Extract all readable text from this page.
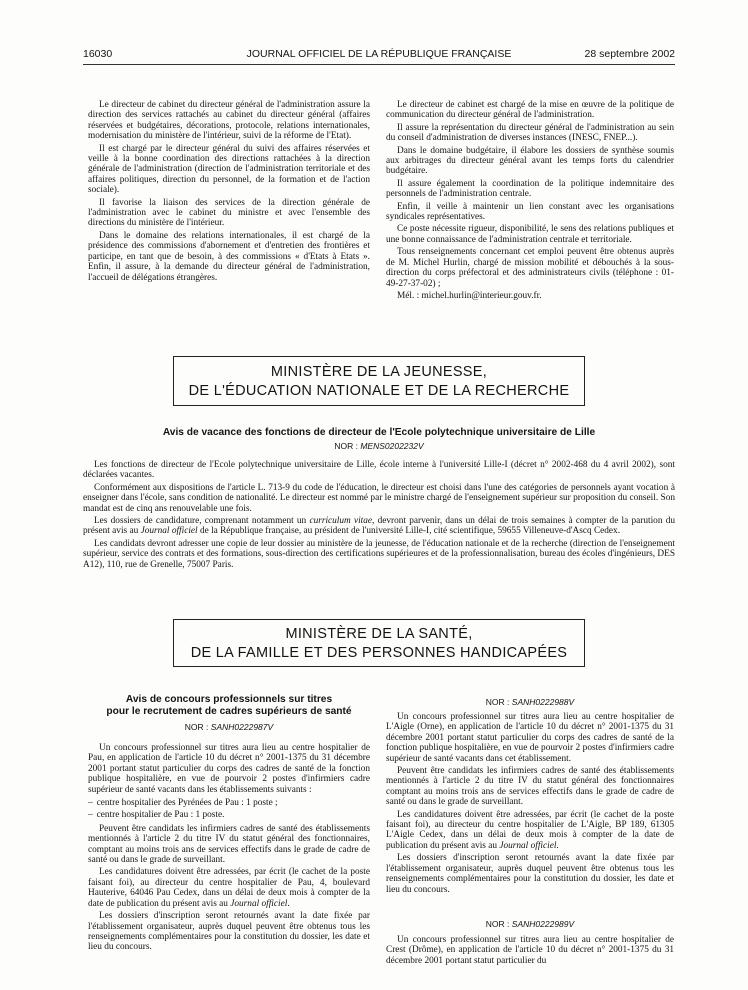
16030	JOURNAL OFFICIEL DE LA RÉPUBLIQUE FRANÇAISE	28 septembre 2002

Le directeur de cabinet du directeur général de l'administration assure la direction des services rattachés au cabinet du directeur général (affaires réservées et budgétaires, décorations, protocole, relations internationales, modernisation du ministère de l'intérieur, suivi de la réforme de l'Etat).

Il est chargé par le directeur général du suivi des affaires réservées et veille à la bonne coordination des directions rattachées à la direction générale de l'administration (direction de l'administration territoriale et des affaires politiques, direction du personnel, de la formation et de l'action sociale).

Il favorise la liaison des services de la direction générale de l'administration avec le cabinet du ministre et avec l'ensemble des directions du ministère de l'intérieur.

Dans le domaine des relations internationales, il est chargé de la présidence des commissions d'abornement et d'entretien des frontières et participe, en tant que de besoin, à des commissions « d'Etats à Etats ». Enfin, il assure, à la demande du directeur général de l'administration, l'accueil de délégations étrangères.

Le directeur de cabinet est chargé de la mise en œuvre de la politique de communication du directeur général de l'administration.

Il assure la représentation du directeur général de l'administration au sein du conseil d'administration de diverses instances (INESC, FNEP...).

Dans le domaine budgétaire, il élabore les dossiers de synthèse soumis aux arbitrages du directeur général avant les temps forts du calendrier budgétaire.

Il assure également la coordination de la politique indemnitaire des personnels de l'administration centrale.

Enfin, il veille à maintenir un lien constant avec les organisations syndicales représentatives.

Ce poste nécessite rigueur, disponibilité, le sens des relations publiques et une bonne connaissance de l'administration centrale et territoriale.

Tous renseignements concernant cet emploi peuvent être obtenus auprès de M. Michel Hurlin, chargé de mission mobilité et débouchés à la sous-direction du corps préfectoral et des administrateurs civils (téléphone : 01-49-27-37-02) ;

Mél. : michel.hurlin@interieur.gouv.fr.

MINISTÈRE DE LA JEUNESSE,
DE L'ÉDUCATION NATIONALE ET DE LA RECHERCHE
Avis de vacance des fonctions de directeur de l'Ecole polytechnique universitaire de Lille
NOR : MENS0202232V

Les fonctions de directeur de l'Ecole polytechnique universitaire de Lille, école interne à l'université Lille-I (décret n° 2002-468 du 4 avril 2002), sont déclarées vacantes.

Conformément aux dispositions de l'article L. 713-9 du code de l'éducation, le directeur est choisi dans l'une des catégories de personnels ayant vocation à enseigner dans l'école, sans condition de nationalité. Le directeur est nommé par le ministre chargé de l'enseignement supérieur sur proposition du conseil. Son mandat est de cinq ans renouvelable une fois.

Les dossiers de candidature, comprenant notamment un curriculum vitae, devront parvenir, dans un délai de trois semaines à compter de la parution du présent avis au Journal officiel de la République française, au président de l'université Lille-I, cité scientifique, 59655 Villeneuve-d'Ascq Cedex.

Les candidats devront adresser une copie de leur dossier au ministère de la jeunesse, de l'éducation nationale et de la recherche (direction de l'enseignement supérieur, service des contrats et des formations, sous-direction des certifications supérieures et de la professionnalisation, bureau des écoles d'ingénieurs, DES A12), 110, rue de Grenelle, 75007 Paris.

MINISTÈRE DE LA SANTÉ,
DE LA FAMILLE ET DES PERSONNES HANDICAPÉES
Avis de concours professionnels sur titres
pour le recrutement de cadres supérieurs de santé
NOR : SANH0222987V

Un concours professionnel sur titres aura lieu au centre hospitalier de Pau, en application de l'article 10 du décret n° 2001-1375 du 31 décembre 2001 portant statut particulier du corps des cadres de santé de la fonction publique hospitalière, en vue de pourvoir 2 postes d'infirmiers cadre supérieur de santé vacants dans les établissements suivants :

– centre hospitalier des Pyrénées de Pau : 1 poste ;
– centre hospitalier de Pau : 1 poste.

Peuvent être candidats les infirmiers cadres de santé des établissements mentionnés à l'article 2 du titre IV du statut général des fonctionnaires, comptant au moins trois ans de services effectifs dans le grade de cadre de santé ou dans le grade de surveillant.

Les candidatures doivent être adressées, par écrit (le cachet de la poste faisant foi), au directeur du centre hospitalier de Pau, 4, boulevard Hauterive, 64046 Pau Cedex, dans un délai de deux mois à compter de la date de publication du présent avis au Journal officiel.

Les dossiers d'inscription seront retournés avant la date fixée par l'établissement organisateur, auprès duquel peuvent être obtenus tous les renseignements complémentaires pour la constitution du dossier, les date et lieu du concours.

NOR : SANH0222988V

Un concours professionnel sur titres aura lieu au centre hospitalier de L'Aigle (Orne), en application de l'article 10 du décret n° 2001-1375 du 31 décembre 2001 portant statut particulier du corps des cadres de santé de la fonction publique hospitalière, en vue de pourvoir 2 postes d'infirmiers cadre supérieur de santé vacants dans cet établissement.

Peuvent être candidats les infirmiers cadres de santé des établissements mentionnés à l'article 2 du titre IV du statut général des fonctionnaires comptant au moins trois ans de services effectifs dans le grade de cadre de santé ou dans le grade de surveillant.

Les candidatures doivent être adressées, par écrit (le cachet de la poste faisant foi), au directeur du centre hospitalier de L'Aigle, BP 189, 61305 L'Aigle Cedex, dans un délai de deux mois à compter de la date de publication du présent avis au Journal officiel.

Les dossiers d'inscription seront retournés avant la date fixée par l'établissement organisateur, auprès duquel peuvent être obtenus tous les renseignements complémentaires pour la constitution du dossier, les date et lieu du concours.

NOR : SANH0222989V

Un concours professionnel sur titres aura lieu au centre hospitalier de Crest (Drôme), en application de l'article 10 du décret n° 2001-1375 du 31 décembre 2001 portant statut particulier du
